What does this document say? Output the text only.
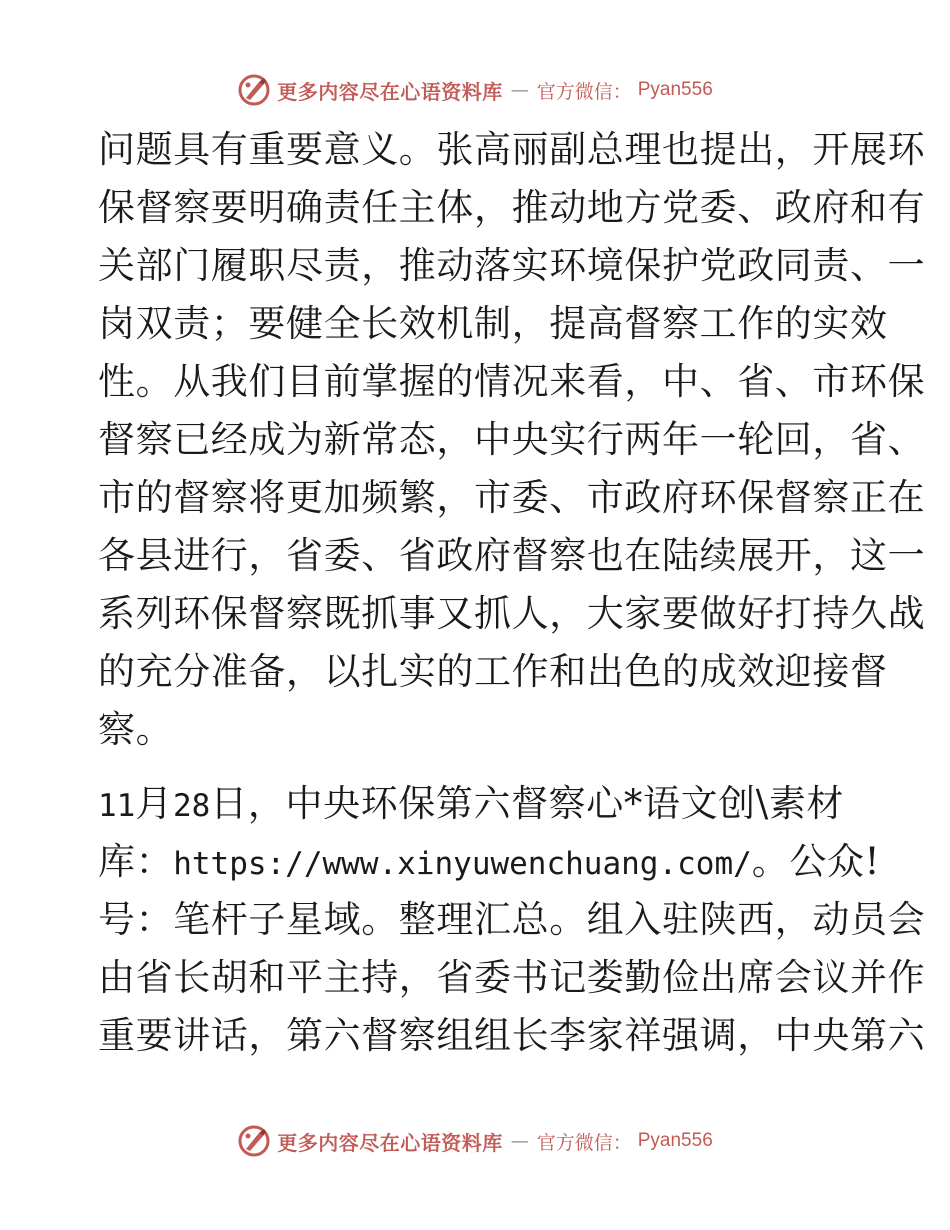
更多内容尽在心语资料库 — 官方微信： Pyan556
问题具有重要意义。张高丽副总理也提出，开展环
保督察要明确责任主体，推动地方党委、政府和有
关部门履职尽责，推动落实环境保护党政同责、一
岗双责；要健全长效机制，提高督察工作的实效
性。从我们目前掌握的情况来看，中、省、市环保
督察已经成为新常态，中央实行两年一轮回，省、
市的督察将更加频繁，市委、市政府环保督察正在
各县进行，省委、省政府督察也在陆续展开，这一
系列环保督察既抓事又抓人，大家要做好打持久战
的充分准备，以扎实的工作和出色的成效迎接督
察。
11月28日，中央环保第六督察心*语文创\素材
库：https://www.xinyuwenchuang.com/。公众!
号：笔杆子星域。整理汇总。组入驻陕西，动员会
由省长胡和平主持，省委书记娄勤俭出席会议并作
重要讲话，第六督察组组长李家祥强调，中央第六
更多内容尽在心语资料库 — 官方微信： Pyan556
